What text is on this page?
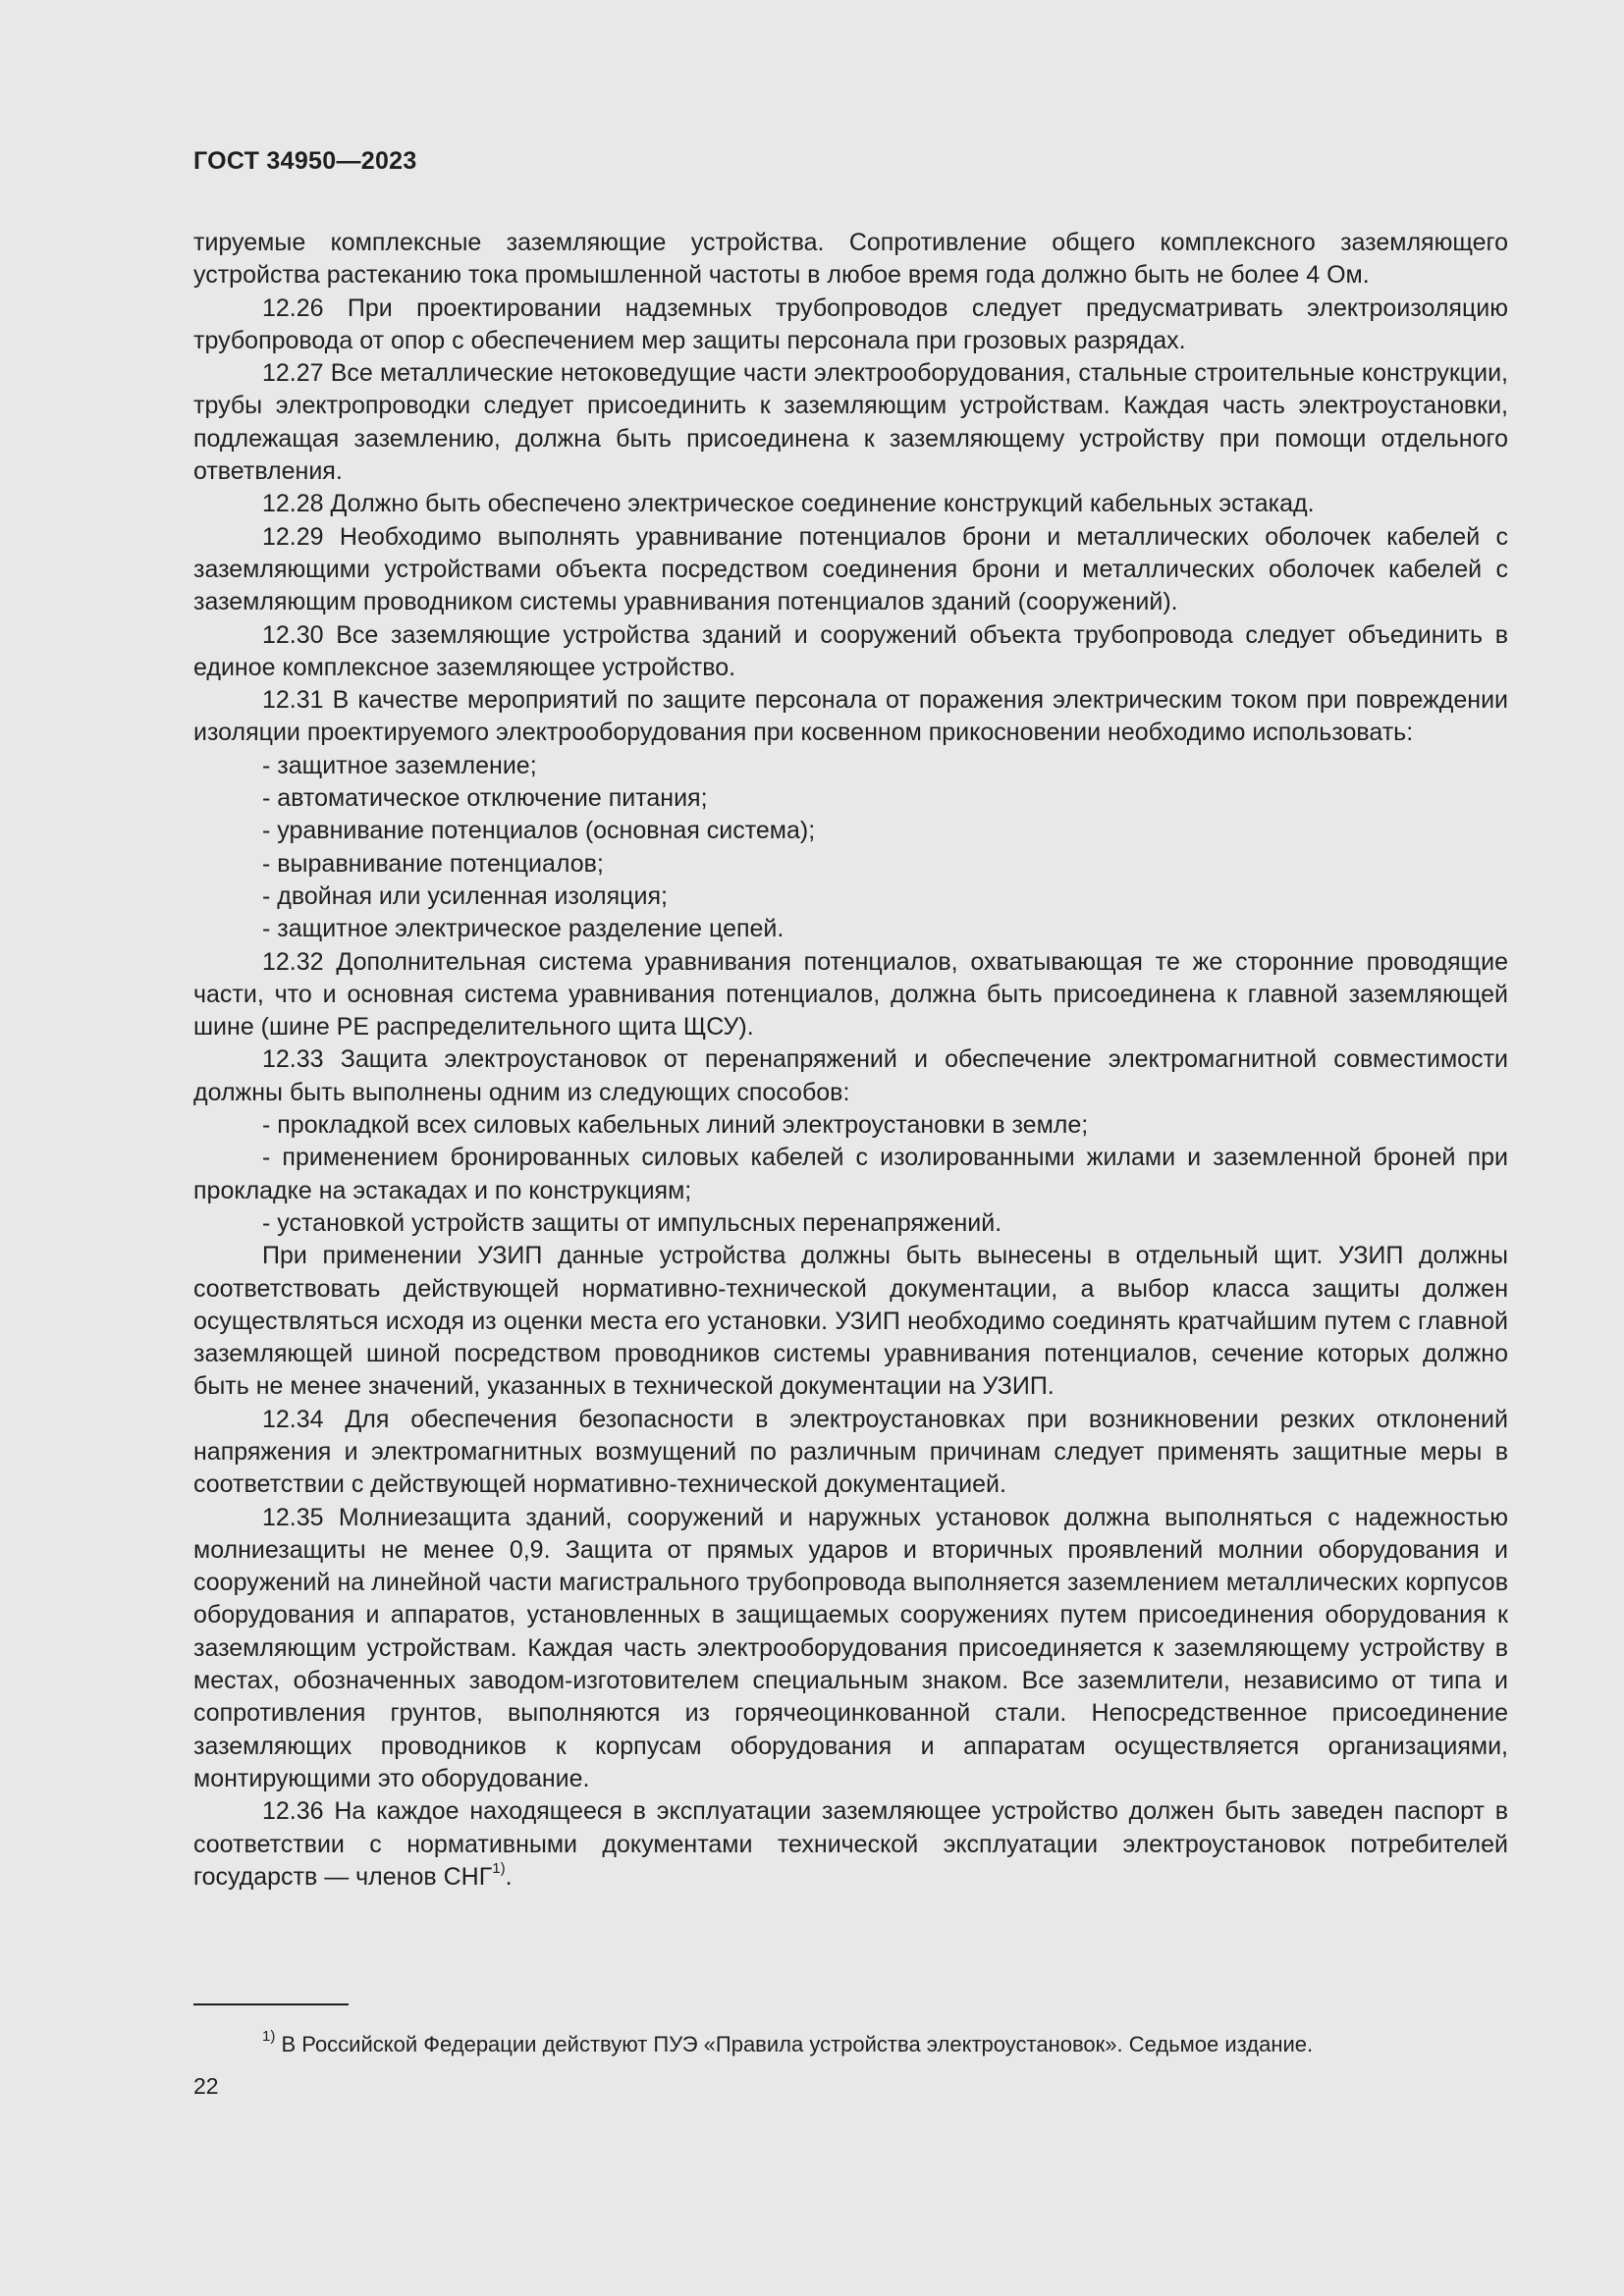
ГОСТ 34950—2023

тируемые комплексные заземляющие устройства. Сопротивление общего комплексного заземляющего устройства растеканию тока промышленной частоты в любое время года должно быть не более 4 Ом.

12.26 При проектировании надземных трубопроводов следует предусматривать электроизоляцию трубопровода от опор с обеспечением мер защиты персонала при грозовых разрядах.

12.27 Все металлические нетоковедущие части электрооборудования, стальные строительные конструкции, трубы электропроводки следует присоединить к заземляющим устройствам. Каждая часть электроустановки, подлежащая заземлению, должна быть присоединена к заземляющему устройству при помощи отдельного ответвления.

12.28 Должно быть обеспечено электрическое соединение конструкций кабельных эстакад.

12.29 Необходимо выполнять уравнивание потенциалов брони и металлических оболочек кабелей с заземляющими устройствами объекта посредством соединения брони и металлических оболочек кабелей с заземляющим проводником системы уравнивания потенциалов зданий (сооружений).

12.30 Все заземляющие устройства зданий и сооружений объекта трубопровода следует объединить в единое комплексное заземляющее устройство.

12.31 В качестве мероприятий по защите персонала от поражения электрическим током при повреждении изоляции проектируемого электрооборудования при косвенном прикосновении необходимо использовать:

- защитное заземление;

- автоматическое отключение питания;

- уравнивание потенциалов (основная система);

- выравнивание потенциалов;

- двойная или усиленная изоляция;

- защитное электрическое разделение цепей.

12.32 Дополнительная система уравнивания потенциалов, охватывающая те же сторонние проводящие части, что и основная система уравнивания потенциалов, должна быть присоединена к главной заземляющей шине (шине PE распределительного щита ЩСУ).

12.33 Защита электроустановок от перенапряжений и обеспечение электромагнитной совместимости должны быть выполнены одним из следующих способов:

- прокладкой всех силовых кабельных линий электроустановки в земле;

- применением бронированных силовых кабелей с изолированными жилами и заземленной броней при прокладке на эстакадах и по конструкциям;

- установкой устройств защиты от импульсных перенапряжений.

При применении УЗИП данные устройства должны быть вынесены в отдельный щит. УЗИП должны соответствовать действующей нормативно-технической документации, а выбор класса защиты должен осуществляться исходя из оценки места его установки. УЗИП необходимо соединять кратчайшим путем с главной заземляющей шиной посредством проводников системы уравнивания потенциалов, сечение которых должно быть не менее значений, указанных в технической документации на УЗИП.

12.34 Для обеспечения безопасности в электроустановках при возникновении резких отклонений напряжения и электромагнитных возмущений по различным причинам следует применять защитные меры в соответствии с действующей нормативно-технической документацией.

12.35 Молниезащита зданий, сооружений и наружных установок должна выполняться с надежностью молниезащиты не менее 0,9. Защита от прямых ударов и вторичных проявлений молнии оборудования и сооружений на линейной части магистрального трубопровода выполняется заземлением металлических корпусов оборудования и аппаратов, установленных в защищаемых сооружениях путем присоединения оборудования к заземляющим устройствам. Каждая часть электрооборудования присоединяется к заземляющему устройству в местах, обозначенных заводом-изготовителем специальным знаком. Все заземлители, независимо от типа и сопротивления грунтов, выполняются из горячеоцинкованной стали. Непосредственное присоединение заземляющих проводников к корпусам оборудования и аппаратам осуществляется организациями, монтирующими это оборудование.

12.36 На каждое находящееся в эксплуатации заземляющее устройство должен быть заведен паспорт в соответствии с нормативными документами технической эксплуатации электроустановок потребителей государств — членов СНГ$^{1)}$.

$^{1)}$ В Российской Федерации действуют ПУЭ «Правила устройства электроустановок». Седьмое издание.
22
